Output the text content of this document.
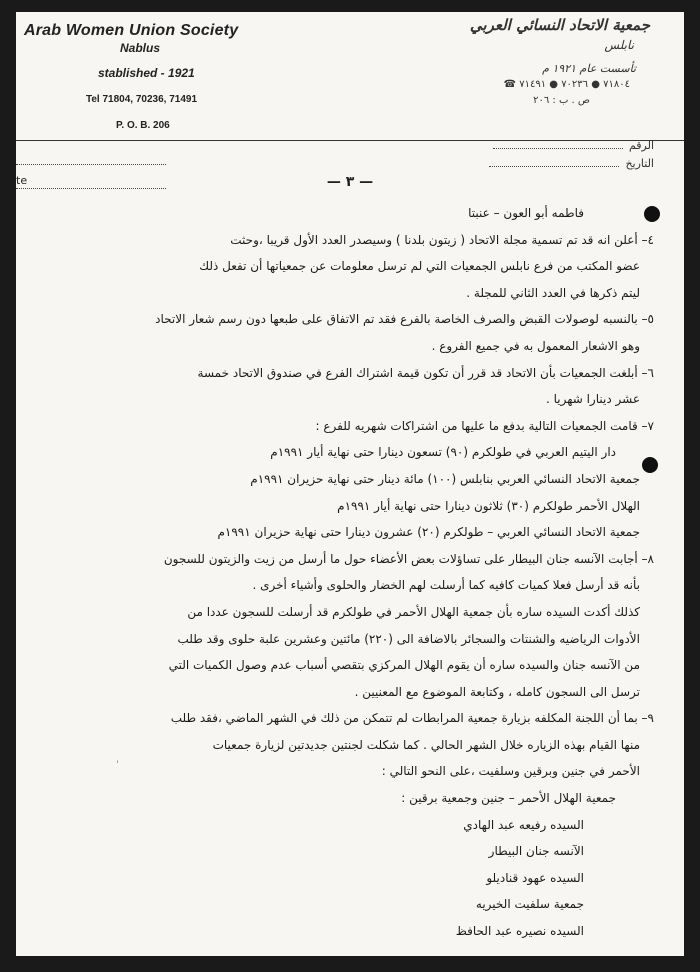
Arab Women Union Society
Nablus
stablished - 1921
Tel 71804, 70236, 71491
P. O. B. 206
جمعية الاتحاد النسائي العربي
نابلس
تأسست عام ١٩٢١ م
☎ ٧١٨٠٤ ● ٧٠٢٣٦ ● ٧١٤٩١
ص . ب : ٢٠٦
te
الرقم
التاريخ
— ٣ —

فاطمه أبو العون – عنبتا

٤– أعلن انه قد تم تسمية مجلة الاتحاد ( زيتون بلدنا ) وسيصدر العدد الأول قريبا ،وحثت

عضو المكتب من فرع نابلس الجمعيات التي لم ترسل معلومات عن جمعياتها أن تفعل ذلك

ليتم ذكرها في العدد الثاني للمجلة .

٥– بالنسبه لوصولات القبض والصرف الخاصة بالفرع فقد تم الاتفاق على طبعها دون رسم شعار الاتحاد

وهو الاشعار المعمول به في جميع الفروع .

٦– أبلغت الجمعيات بأن الاتحاد قد قرر أن تكون قيمة اشتراك الفرع في صندوق الاتحاد خمسة

عشر دينارا شهريا .

٧– قامت الجمعيات التالية بدفع ما عليها من اشتراكات شهريه للفرع :

دار اليتيم العربي في طولكرم (٩٠) تسعون دينارا حتى نهاية أيار ١٩٩١م

جمعية الاتحاد النسائي العربي بنابلس (١٠٠) مائة دينار حتى نهاية حزيران ١٩٩١م

الهلال الأحمر طولكرم (٣٠) ثلاثون دينارا حتى نهاية أيار ١٩٩١م

جمعية الاتحاد النسائي العربي – طولكرم (٢٠) عشرون دينارا حتى نهاية حزيران ١٩٩١م

٨– أجابت الآنسه جنان البيطار على تساؤلات بعض الأعضاء حول ما أرسل من زيت والزيتون للسجون

بأنه قد أرسل فعلا كميات كافيه كما أرسلت لهم الخضار والحلوى وأشياء أخرى .

كذلك أكدت السيده ساره بأن جمعية الهلال الأحمر في طولكرم قد أرسلت للسجون عددا من

الأدوات الرياضيه والشنتات والسجائر بالاضافة الى (٢٢٠) مائتين وعشرين علبة حلوى وقد طلب

من الآنسه جنان والسيده ساره أن يقوم الهلال المركزي بتقصي أسباب عدم وصول الكميات التي

ترسل الى السجون كامله ، وكتابعة الموضوع مع المعنيين .

٩– بما أن اللجنة المكلفه بزيارة جمعية المرابطات لم تتمكن من ذلك في الشهر الماضي ،فقد طلب

منها القيام بهذه الزياره خلال الشهر الحالي . كما شكلت لجنتين جديدتين لزيارة جمعيات

الأحمر في جنين وبرقين وسلفيت ،على النحو التالي :

جمعية الهلال الأحمر – جنين وجمعية برقين :

السيده رفيعه عبد الهادي

الآنسه جنان البيطار

السيده عهود قناديلو

جمعية سلفيت الخيريه

السيده نصيره عبد الحافظ

ˈ
